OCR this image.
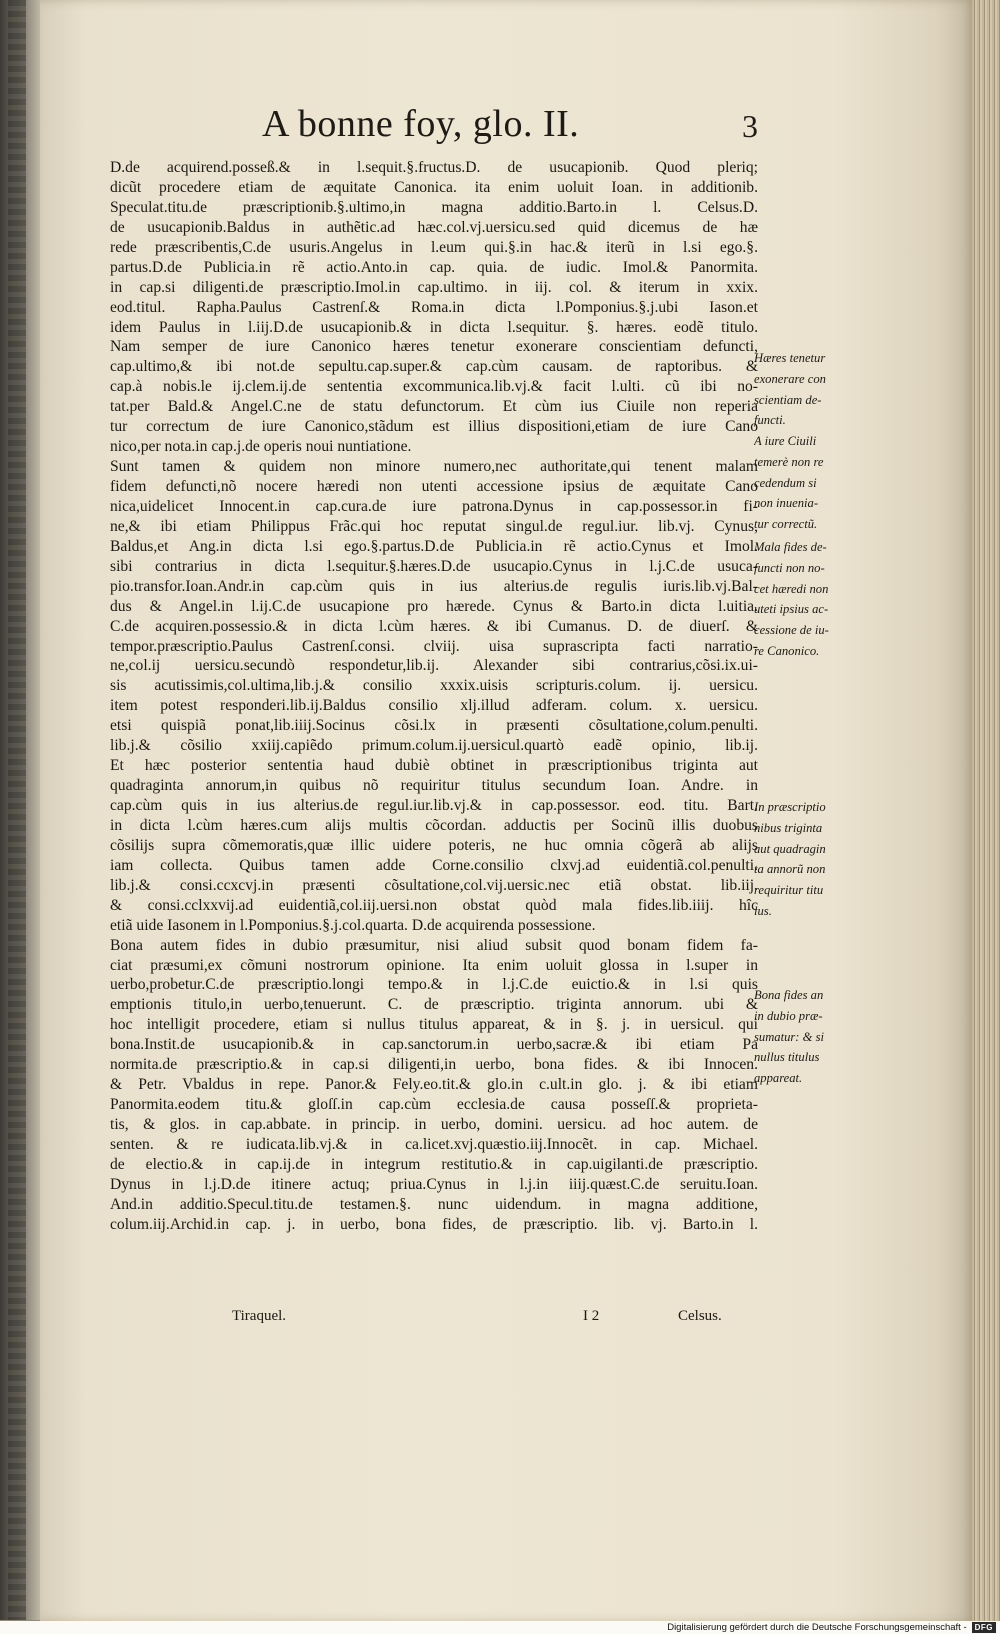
A bonne foy, glo. II.	3
D.de acquirend.posseß.& in l.sequit.§.fructus.D. de usucapionib. Quod pleriq;
dicũt procedere etiam de æquitate Canonica. ita enim uoluit Ioan. in additionib.
Speculat.titu.de præscriptionib.§.ultimo,in magna additio.Barto.in l. Celsus.D.
de usucapionib.Baldus in authẽtic.ad hæc.col.vj.uersicu.sed quid dicemus de hæ
rede præscribentis,C.de usuris.Angelus in l.eum qui.§.in hac.& iterũ in l.si ego.§.
partus.D.de Publicia.in rẽ actio.Anto.in cap. quia. de iudic. Imol.& Panormita.
in cap.si diligenti.de præscriptio.Imol.in cap.ultimo. in iij. col. & iterum in xxix.
eod.titul. Rapha.Paulus Castrenſ.& Roma.in dicta l.Pomponius.§.j.ubi Iason.et
idem Paulus in l.iij.D.de usucapionib.& in dicta l.sequitur. §. hæres. eodẽ titulo.
Nam semper de iure Canonico hæres tenetur exonerare conscientiam defuncti,
cap.ultimo,& ibi not.de sepultu.cap.super.& cap.cùm causam. de raptoribus. &
cap.à nobis.le ij.clem.ij.de sententia excommunica.lib.vj.& facit l.ulti. cũ ibi no-
tat.per Bald.& Angel.C.ne de statu defunctorum. Et cùm ius Ciuile non reperia
tur correctum de iure Canonico,stãdum est illius dispositioni,etiam de iure Cano
nico,per nota.in cap.j.de operis noui nuntiatione.
Sunt tamen & quidem non minore numero,nec authoritate,qui tenent malam
fidem defuncti,nõ nocere hæredi non utenti accessione ipsius de æquitate Cano
nica,uidelicet Innocent.in cap.cura.de iure patrona.Dynus in cap.possessor.in fi-
ne,& ibi etiam Philippus Frãc.qui hoc reputat singul.de regul.iur. lib.vj. Cynus,
Baldus,et Ang.in dicta l.si ego.§.partus.D.de Publicia.in rẽ actio.Cynus et Imol.
sibi contrarius in dicta l.sequitur.§.hæres.D.de usucapio.Cynus in l.j.C.de usuca-
pio.transfor.Ioan.Andr.in cap.cùm quis in ius alterius.de regulis iuris.lib.vj.Bal-
dus & Angel.in l.ij.C.de usucapione pro hærede. Cynus & Barto.in dicta l.uitia.
C.de acquiren.possessio.& in dicta l.cùm hæres. & ibi Cumanus. D. de diuerſ. &
tempor.præscriptio.Paulus Castrenſ.consi. clviij. uisa suprascripta facti narratio-
ne,col.ij uersicu.secundò respondetur,lib.ij. Alexander sibi contrarius,cõsi.ix.ui-
sis acutissimis,col.ultima,lib.j.& consilio xxxix.uisis scripturis.colum. ij. uersicu.
item potest responderi.lib.ij.Baldus consilio xlj.illud adferam. colum. x. uersicu.
etsi quispiã ponat,lib.iiij.Socinus cõsi.lx in præsenti cõsultatione,colum.penulti.
lib.j.& cõsilio xxiij.capiẽdo primum.colum.ij.uersicul.quartò eadẽ opinio, lib.ij.
Et hæc posterior sententia haud dubiè obtinet in præscriptionibus triginta aut
quadraginta annorum,in quibus nõ requiritur titulus secundum Ioan. Andre. in
cap.cùm quis in ius alterius.de regul.iur.lib.vj.& in cap.possessor. eod. titu. Bart.
in dicta l.cùm hæres.cum alijs multis cõcordan. adductis per Socinũ illis duobus
cõsilijs supra cõmemoratis,quæ illic uidere poteris, ne huc omnia cõgerã ab alijs
iam collecta. Quibus tamen adde Corne.consilio clxvj.ad euidentiã.col.penulti.
lib.j.& consi.ccxcvj.in præsenti cõsultatione,col.vij.uersic.nec etiã obstat. lib.iij.
& consi.cclxxvij.ad euidentiã,col.iij.uersi.non obstat quòd mala fides.lib.iiij. hîc
etiã uide Iasonem in l.Pomponius.§.j.col.quarta. D.de acquirenda possessione.
Bona autem fides in dubio præsumitur, nisi aliud subsit quod bonam fidem fa-
ciat præsumi,ex cõmuni nostrorum opinione. Ita enim uoluit glossa in l.super in
uerbo,probetur.C.de præscriptio.longi tempo.& in l.j.C.de euictio.& in l.si quis
emptionis titulo,in uerbo,tenuerunt. C. de præscriptio. triginta annorum. ubi &
hoc intelligit procedere, etiam si nullus titulus appareat, & in §. j. in uersicul. qui
bona.Instit.de usucapionib.& in cap.sanctorum.in uerbo,sacræ.& ibi etiam Pa
normita.de præscriptio.& in cap.si diligenti,in uerbo, bona fides. & ibi Innocen.
& Petr. Vbaldus in repe. Panor.& Fely.eo.tit.& glo.in c.ult.in glo. j. & ibi etiam
Panormita.eodem titu.& gloſſ.in cap.cùm ecclesia.de causa posseſſ.& proprieta-
tis, & glos. in cap.abbate. in princip. in uerbo, domini. uersicu. ad hoc autem. de
senten. & re iudicata.lib.vj.& in ca.licet.xvj.quæstio.iij.Innocẽt. in cap. Michael.
de electio.& in cap.ij.de in integrum restitutio.& in cap.uigilanti.de præscriptio.
Dynus in l.j.D.de itinere actuq; priua.Cynus in l.j.in iiij.quæst.C.de seruitu.Ioan.
And.in additio.Specul.titu.de testamen.§. nunc uidendum. in magna additione,
colum.iij.Archid.in cap. j. in uerbo, bona fides, de præscriptio. lib. vj. Barto.in l.
Hæres tenetur
exonerare con
scientiam de-
functi.
A iure Ciuili
temerè non re
cedendum si
non inuenia-
tur correctũ.
Mala fides de-
functi non no-
cet hæredi non
uteti ipsius ac-
cessione de iu-
re Canonico.
In præscriptio
nibus triginta
aut quadragin
ta annorũ non
requiritur titu
lus.
Bona fides an
in dubio præ-
sumatur: & si
nullus titulus
appareat.
Tiraquel.	I 2	Celsus.
Digitalisierung gefördert durch die Deutsche Forschungsgemeinschaft -	DFG
